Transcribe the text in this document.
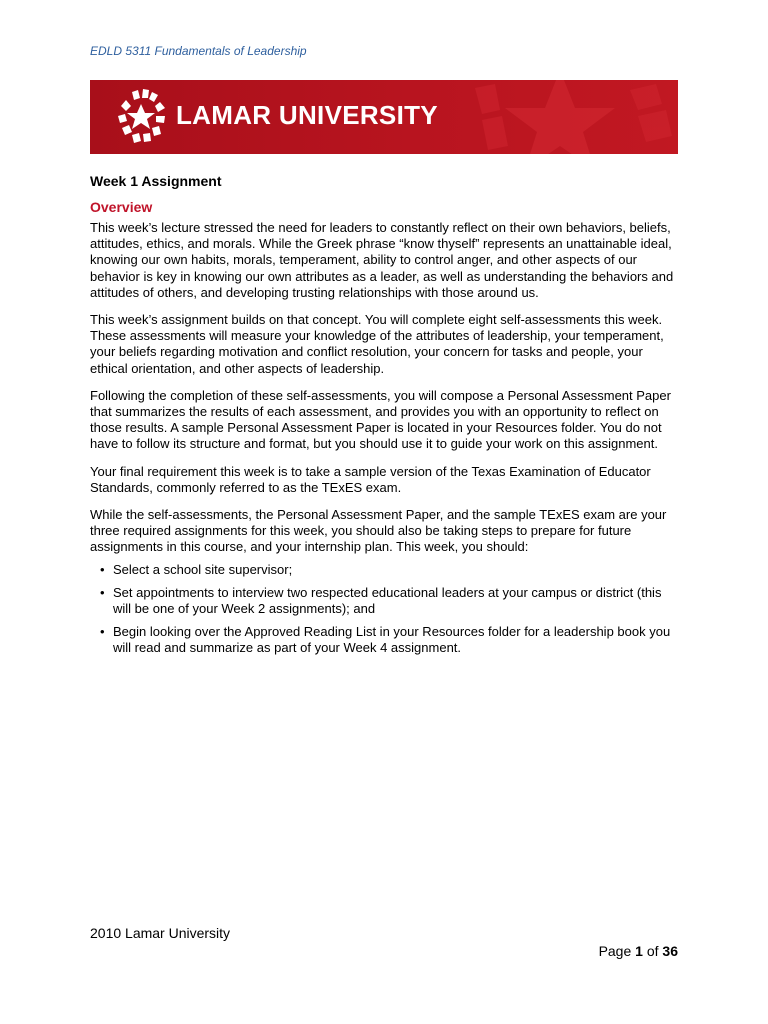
EDLD 5311 Fundamentals of Leadership
LAMAR UNIVERSITY
Week 1 Assignment
Overview

This week’s lecture stressed the need for leaders to constantly reflect on their own behaviors, beliefs, attitudes, ethics, and morals. While the Greek phrase “know thyself” represents an unattainable ideal, knowing our own habits, morals, temperament, ability to control anger, and other aspects of our behavior is key in knowing our own attributes as a leader, as well as understanding the behaviors and attitudes of others, and developing trusting relationships with those around us.

This week’s assignment builds on that concept. You will complete eight self-assessments this week. These assessments will measure your knowledge of the attributes of leadership, your temperament, your beliefs regarding motivation and conflict resolution, your concern for tasks and people, your ethical orientation, and other aspects of leadership.

Following the completion of these self-assessments, you will compose a Personal Assessment Paper that summarizes the results of each assessment, and provides you with an opportunity to reflect on those results. A sample Personal Assessment Paper is located in your Resources folder. You do not have to follow its structure and format, but you should use it to guide your work on this assignment.

Your final requirement this week is to take a sample version of the Texas Examination of Educator Standards, commonly referred to as the TExES exam.

While the self-assessments, the Personal Assessment Paper, and the sample TExES exam are your three required assignments for this week, you should also be taking steps to prepare for future assignments in this course, and your internship plan. This week, you should:

• Select a school site supervisor;
• Set appointments to interview two respected educational leaders at your campus or district (this will be one of your Week 2 assignments); and
• Begin looking over the Approved Reading List in your Resources folder for a leadership book you will read and summarize as part of your Week 4 assignment.
2010 Lamar University
Page 1 of 36
